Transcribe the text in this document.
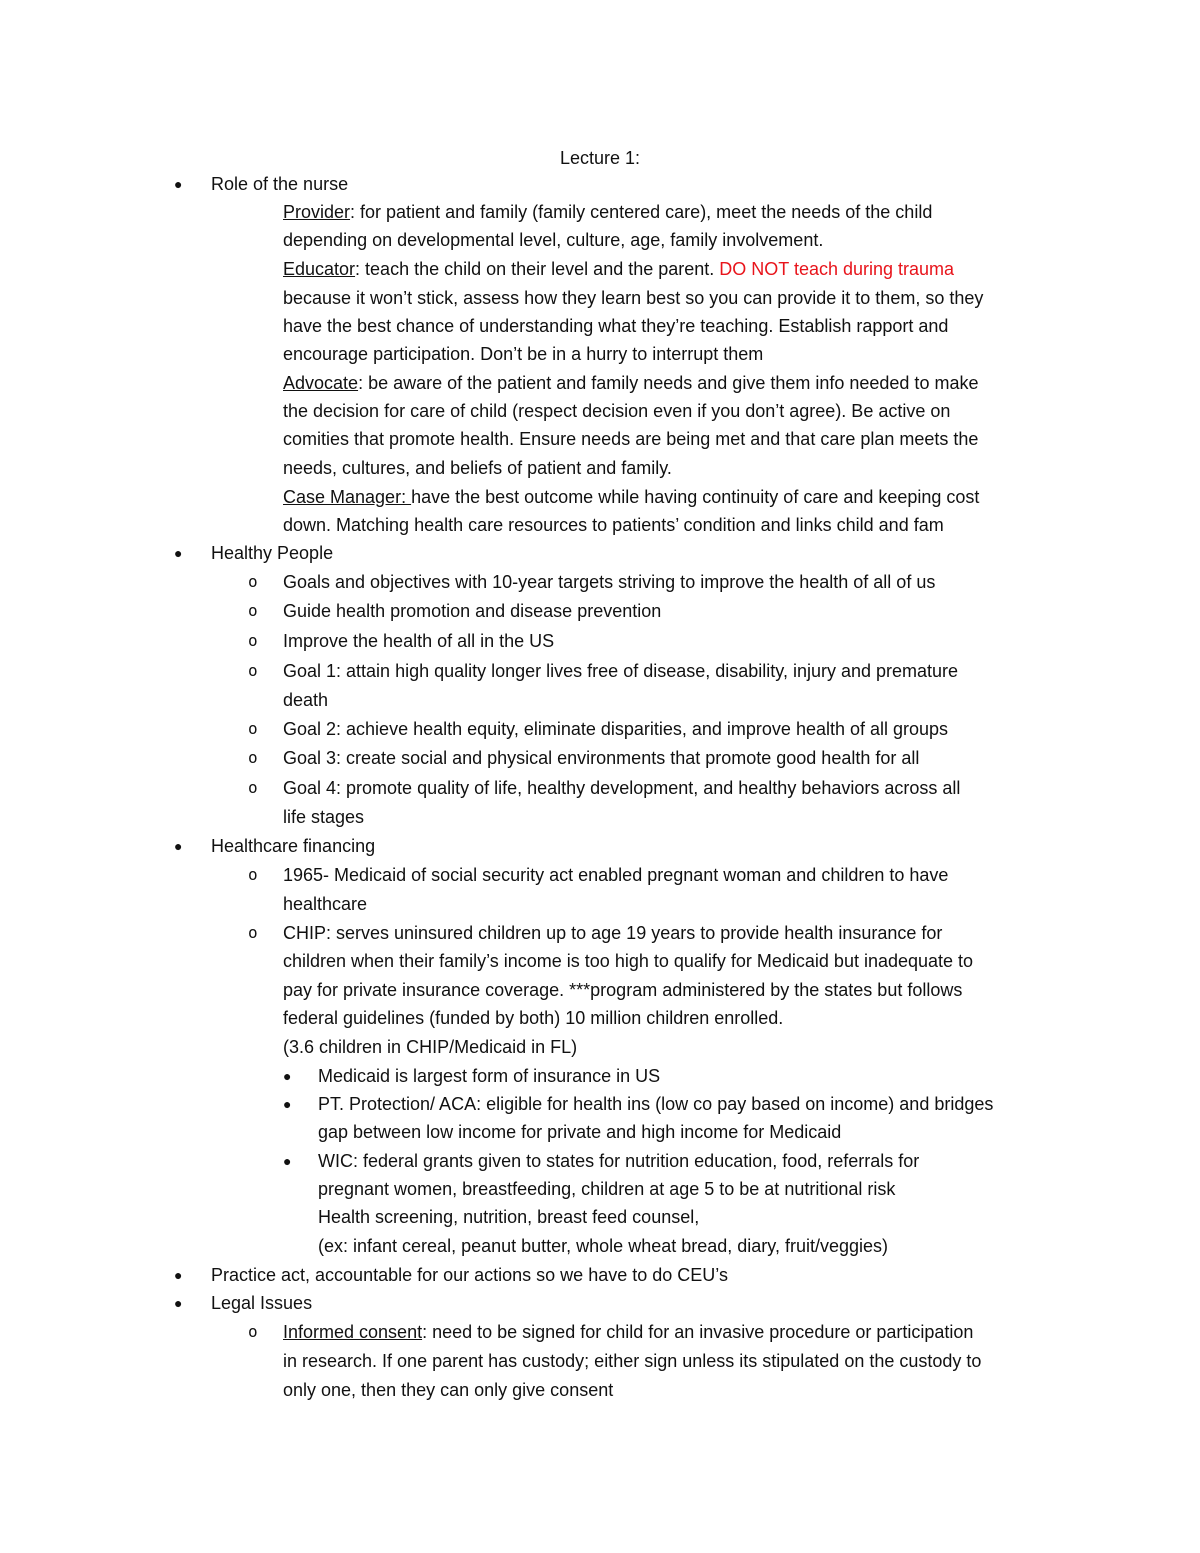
Lecture 1:
● Role of the nurse
Provider: for patient and family (family centered care), meet the needs of the child
depending on developmental level, culture, age, family involvement.
Educator: teach the child on their level and the parent. DO NOT teach during trauma
because it won’t stick, assess how they learn best so you can provide it to them, so they
have the best chance of understanding what they’re teaching. Establish rapport and
encourage participation. Don’t be in a hurry to interrupt them
Advocate: be aware of the patient and family needs and give them info needed to make
the decision for care of child (respect decision even if you don’t agree). Be active on
comities that promote health. Ensure needs are being met and that care plan meets the
needs, cultures, and beliefs of patient and family.
Case Manager: have the best outcome while having continuity of care and keeping cost
down. Matching health care resources to patients’ condition and links child and fam
● Healthy People
o Goals and objectives with 10-year targets striving to improve the health of all of us
o Guide health promotion and disease prevention
o Improve the health of all in the US
o Goal 1: attain high quality longer lives free of disease, disability, injury and premature
death
o Goal 2: achieve health equity, eliminate disparities, and improve health of all groups
o Goal 3: create social and physical environments that promote good health for all
o Goal 4: promote quality of life, healthy development, and healthy behaviors across all
life stages
● Healthcare financing
o 1965- Medicaid of social security act enabled pregnant woman and children to have
healthcare
o CHIP: serves uninsured children up to age 19 years to provide health insurance for
children when their family’s income is too high to qualify for Medicaid but inadequate to
pay for private insurance coverage. ***program administered by the states but follows
federal guidelines (funded by both) 10 million children enrolled.
(3.6 children in CHIP/Medicaid in FL)
● Medicaid is largest form of insurance in US
● PT. Protection/ ACA: eligible for health ins (low co pay based on income) and bridges
gap between low income for private and high income for Medicaid
● WIC: federal grants given to states for nutrition education, food, referrals for
pregnant women, breastfeeding, children at age 5 to be at nutritional risk
Health screening, nutrition, breast feed counsel,
(ex: infant cereal, peanut butter, whole wheat bread, diary, fruit/veggies)
● Practice act, accountable for our actions so we have to do CEU’s
● Legal Issues
o Informed consent: need to be signed for child for an invasive procedure or participation
in research. If one parent has custody; either sign unless its stipulated on the custody to
only one, then they can only give consent
